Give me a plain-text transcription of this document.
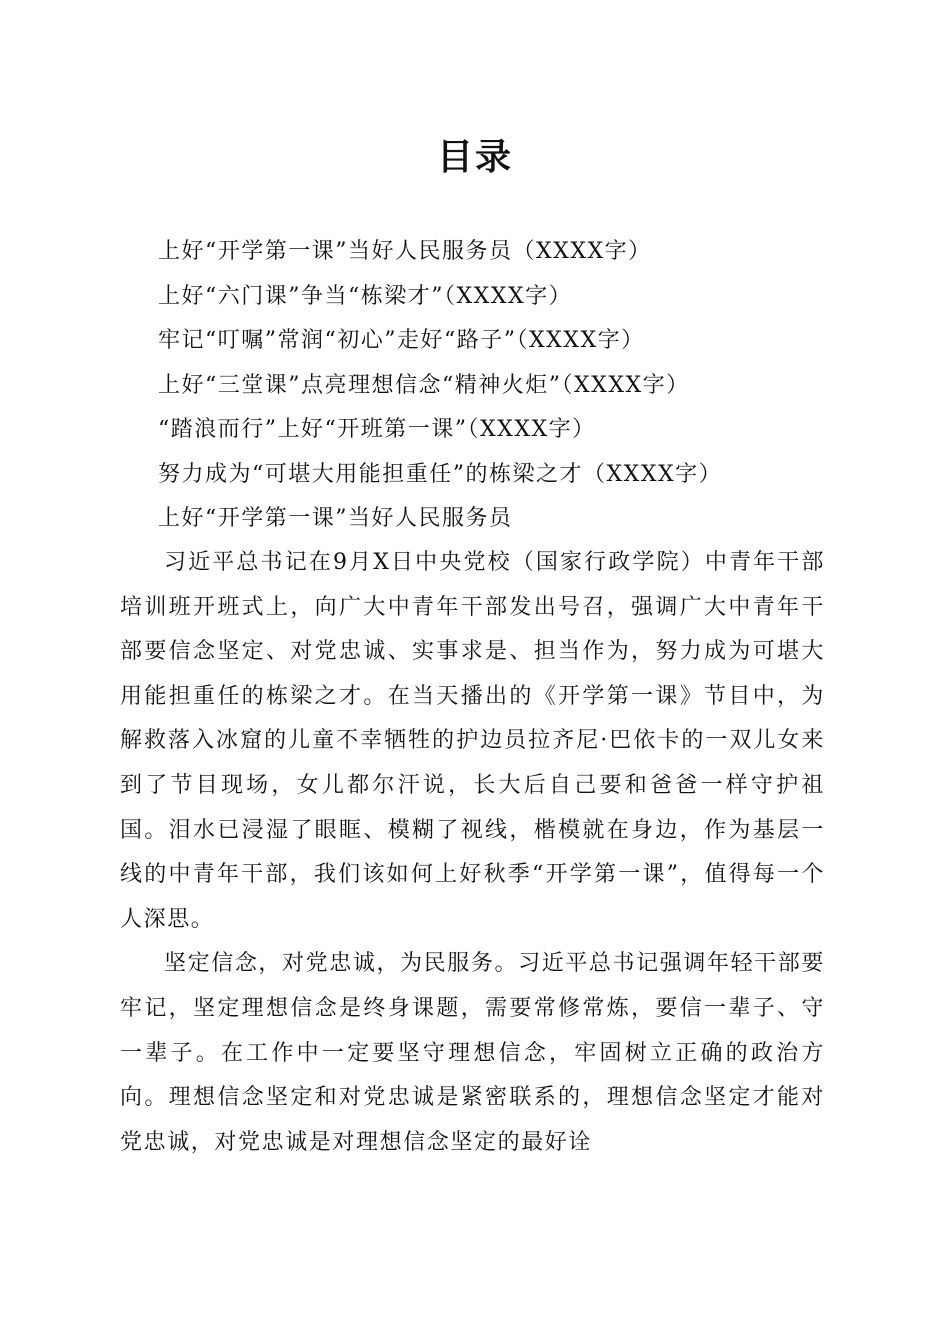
目录
上好“开学第一课”当好人民服务员（XXXX字）
上好“六门课”争当“栋梁才”（XXXX字）
牢记“叮嘱”常润“初心”走好“路子”（XXXX字）
上好“三堂课”点亮理想信念“精神火炬”（XXXX字）
“踏浪而行”上好“开班第一课”（XXXX字）
努力成为“可堪大用能担重任”的栋梁之才（XXXX字）
上好“开学第一课”当好人民服务员

习近平总书记在9月X日中央党校（国家行政学院）中青年干部培训班开班式上，向广大中青年干部发出号召，强调广大中青年干部要信念坚定、对党忠诚、实事求是、担当作为，努力成为可堪大用能担重任的栋梁之才。在当天播出的《开学第一课》节目中，为解救落入冰窟的儿童不幸牺牲的护边员拉齐尼·巴依卡的一双儿女来到了节目现场，女儿都尔汗说，长大后自己要和爸爸一样守护祖国。泪水已浸湿了眼眶、模糊了视线，楷模就在身边，作为基层一线的中青年干部，我们该如何上好秋季“开学第一课”，值得每一个人深思。

坚定信念，对党忠诚，为民服务。习近平总书记强调年轻干部要牢记，坚定理想信念是终身课题，需要常修常炼，要信一辈子、守一辈子。在工作中一定要坚守理想信念，牢固树立正确的政治方向。理想信念坚定和对党忠诚是紧密联系的，理想信念坚定才能对党忠诚，对党忠诚是对理想信念坚定的最好诠
